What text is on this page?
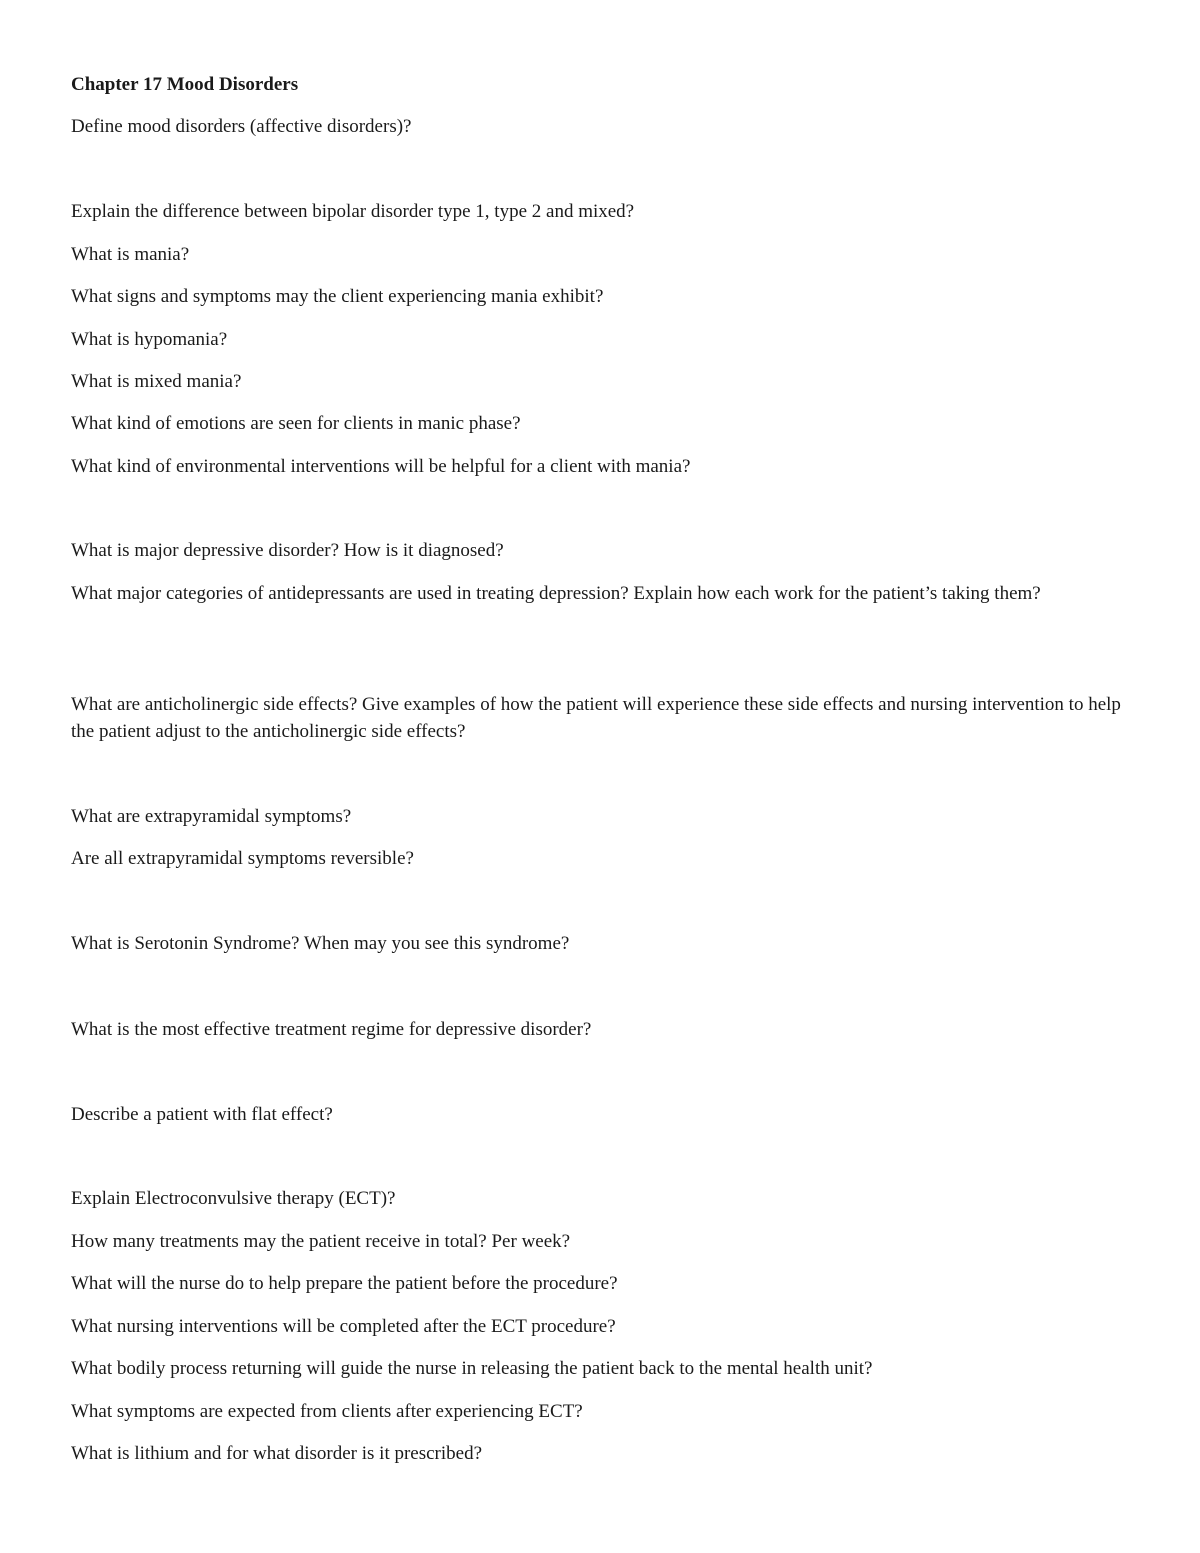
Chapter 17 Mood Disorders
Define mood disorders (affective disorders)?
Explain the difference between bipolar disorder type 1, type 2 and mixed?
What is mania?
What signs and symptoms may the client experiencing mania exhibit?
What is hypomania?
What is mixed mania?
What kind of emotions are seen for clients in manic phase?
What kind of environmental interventions will be helpful for a client with mania?
What is major depressive disorder? How is it diagnosed?
What major categories of antidepressants are used in treating depression? Explain how each work for the patient’s taking them?
What are anticholinergic side effects? Give examples of how the patient will experience these side effects and nursing intervention to help the patient adjust to the anticholinergic side effects?
What are extrapyramidal symptoms?
Are all extrapyramidal symptoms reversible?
What is Serotonin Syndrome? When may you see this syndrome?
What is the most effective treatment regime for depressive disorder?
Describe a patient with flat effect?
Explain Electroconvulsive therapy (ECT)?
How many treatments may the patient receive in total? Per week?
What will the nurse do to help prepare the patient before the procedure?
What nursing interventions will be completed after the ECT procedure?
What bodily process returning will guide the nurse in releasing the patient back to the mental health unit?
What symptoms are expected from clients after experiencing ECT?
What is lithium and for what disorder is it prescribed?
